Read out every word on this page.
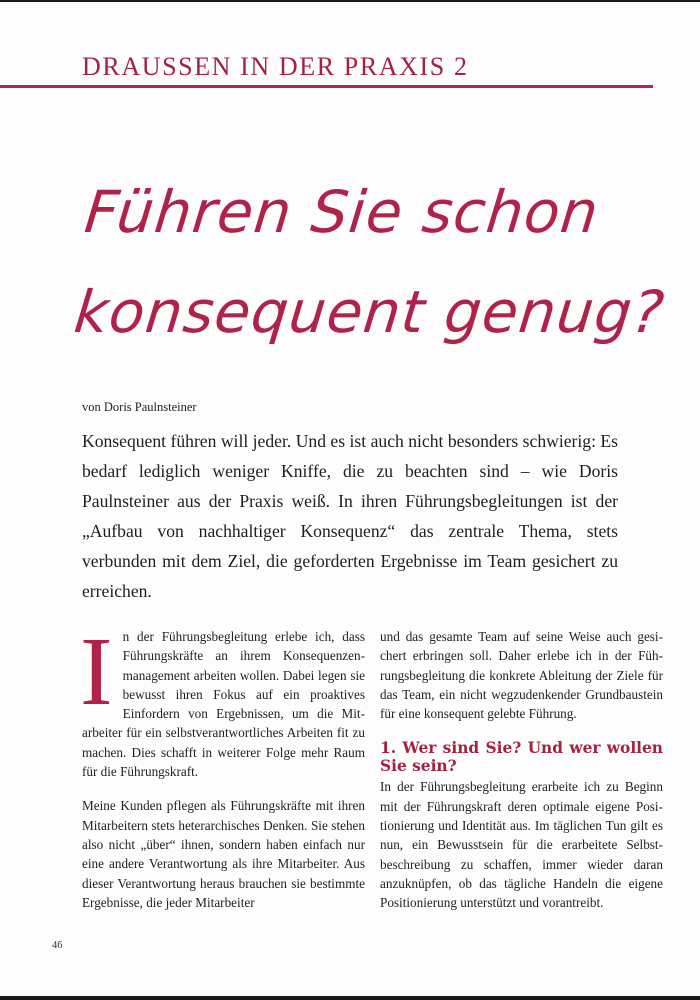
DRAUSSEN IN DER PRAXIS 2
Führen Sie schon
konsequent genug?
von Doris Paulnsteiner
Konsequent führen will jeder. Und es ist auch nicht besonders schwierig: Es bedarf lediglich weniger Kniffe, die zu beachten sind – wie Doris Paulnsteiner aus der Praxis weiß. In ihren Führungsbegleitungen ist der „Aufbau von nachhaltiger Konsequenz“ das zentrale Thema, stets verbunden mit dem Ziel, die geforderten Ergebnisse im Team gesichert zu erreichen.

In der Führungsbegleitung erlebe ich, dass Führungskräfte an ihrem Konsequenzenmanagement arbeiten wollen. Dabei legen sie bewusst ihren Fokus auf ein proaktives Einfordern von Ergebnissen, um die Mitarbeiter für ein selbstverantwortliches Arbeiten fit zu machen. Dies schafft in weiterer Folge mehr Raum für die Führungskraft.

Meine Kunden pflegen als Führungskräfte mit ihren Mitarbeitern stets heterarchisches Denken. Sie stehen also nicht „über“ ihnen, sondern haben einfach nur eine andere Verantwortung als ihre Mitarbeiter. Aus dieser Verantwortung heraus brauchen sie bestimmte Ergebnisse, die jeder Mitarbeiter

und das gesamte Team auf seine Weise auch gesichert erbringen soll. Daher erlebe ich in der Führungsbegleitung die konkrete Ableitung der Ziele für das Team, ein nicht wegzudenkender Grundbaustein für eine konsequent gelebte Führung.

1. Wer sind Sie? Und wer wollen Sie sein?

In der Führungsbegleitung erarbeite ich zu Beginn mit der Führungskraft deren optimale eigene Positionierung und Identität aus. Im täglichen Tun gilt es nun, ein Bewusstsein für die erarbeitete Selbstbeschreibung zu schaffen, immer wieder daran anzuknüpfen, ob das tägliche Handeln die eigene Positionierung unterstützt und vorantreibt.

46
